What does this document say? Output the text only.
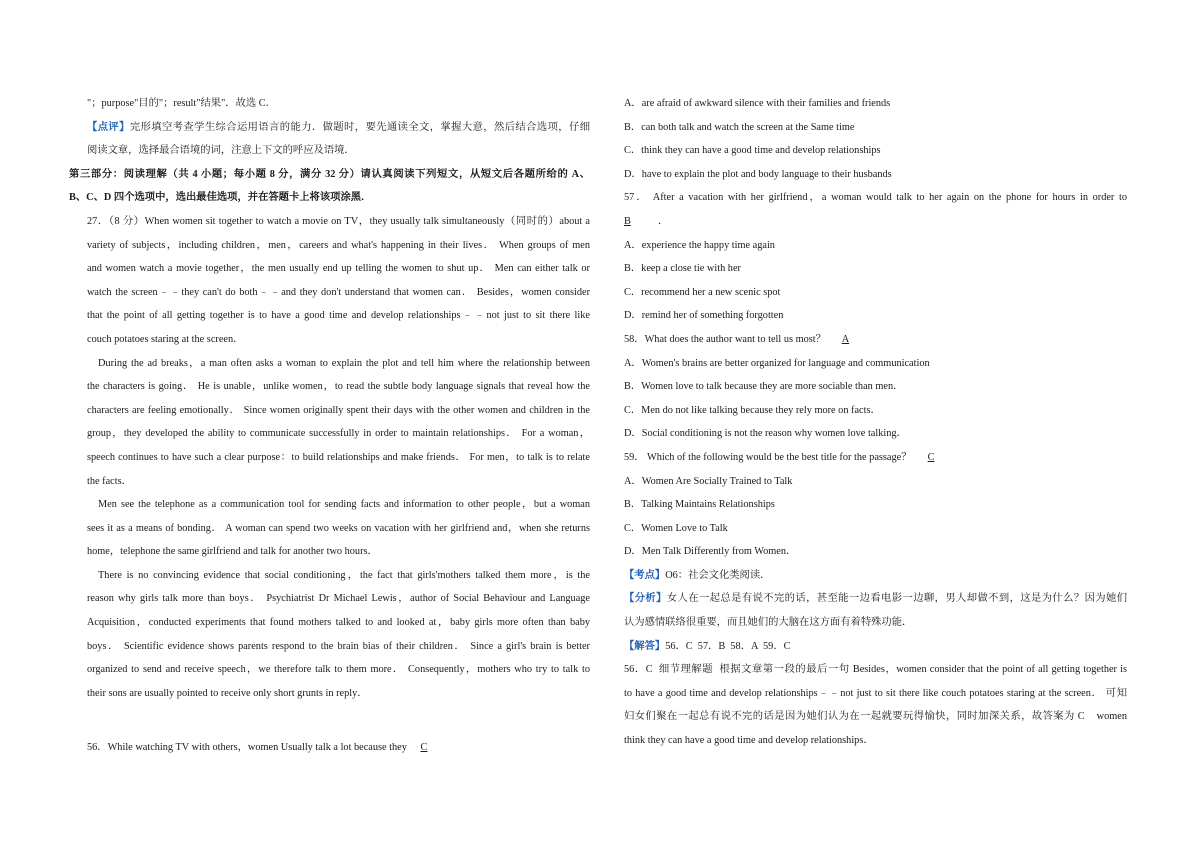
"；purpose"目的"；result"结果"．故选 C．
【点评】完形填空考查学生综合运用语言的能力．做题时，要先通读全文，掌握大意，然后结合选项，仔细
阅读文章，选择最合语境的词，注意上下文的呼应及语境．
第三部分：阅读理解（共 4 小题；每小题 8 分，满分 32 分）请认真阅读下列短文，从短文后各题所给的 A、
B、C、D 四个选项中，选出最佳选项，并在答题卡上将该项涂黑．
27．（8 分）When women sit together to watch a movie on TV，they usually talk simultaneously（同时的）about a
variety of subjects，including children，men，careers and what's happening in their lives． When groups of men
and women watch a movie together，the men usually end up telling the women to shut up． Men can either talk or
watch the screen﹣﹣they can't do both﹣﹣and they don't understand that women can． Besides，women consider
that the point of all getting together is to have a good time and develop relationships﹣﹣not just to sit there like
couch potatoes staring at the screen．
During the ad breaks，a man often asks a woman to explain the plot and tell him where the relationship between
the characters is going． He is unable，unlike women，to read the subtle body language signals that reveal how the
characters are feeling emotionally． Since women originally spent their days with the other women and children in the
group，they developed the ability to communicate successfully in order to maintain relationships． For a woman，
speech continues to have such a clear purpose：to build relationships and make friends． For men，to talk is to relate
the facts．
Men see the telephone as a communication tool for sending facts and information to other people，but a woman
sees it as a means of bonding． A woman can spend two weeks on vacation with her girlfriend and，when she returns
home，telephone the same girlfriend and talk for another two hours．
There is no convincing evidence that social conditioning，the fact that girls'mothers talked them more，is the
reason why girls talk more than boys． Psychiatrist Dr Michael Lewis，author of Social Behaviour and Language
Acquisition，conducted experiments that found mothers talked to and looked at，baby girls more often than baby
boys． Scientific evidence shows parents respond to the brain bias of their children． Since a girl's brain is better
organized to send and receive speech，we therefore talk to them more． Consequently，mothers who try to talk to
their sons are usually pointed to receive only short grunts in reply．
56．While watching TV with others，women Usually talk a lot because they C
A．are afraid of awkward silence with their families and friends
B．can both talk and watch the screen at the Same time
C．think they can have a good time and develop relationships
D．have to explain the plot and body language to their husbands
57． After a vacation with her girlfriend，a woman would talk to her again on the phone for hours in order to
B	．
A．experience the happy time again
B．keep a close tie with her
C．recommend her a new scenic spot
D．remind her of something forgotten
58．What does the author want to tell us most？ A
A．Women's brains are better organized for language and communication
B．Women love to talk because they are more sociable than men．
C．Men do not like talking because they rely more on facts．
D．Social conditioning is not the reason why women love talking．
59． Which of the following would be the best title for the passage？ C
A．Women Are Socially Trained to Talk
B．Talking Maintains Relationships
C．Women Love to Talk
D．Men Talk Differently from Women．
【考点】O6：社会文化类阅读．
【分析】女人在一起总是有说不完的话，甚至能一边看电影一边聊，男人却做不到，这是为什么？因为她们
认为感情联络很重要，而且她们的大脑在这方面有着特殊功能．
【解答】56．C  57．B  58．A  59．C
56．C  细节理解题  根据文章第一段的最后一句 Besides，women consider that the point of all getting together is
to have a good time and develop relationships﹣﹣not just to sit there like couch potatoes staring at the screen． 可知
妇女们聚在一起总有说不完的话是因为她们认为在一起就要玩得愉快，同时加深关系，故答案为 C    women
think they can have a good time and develop relationships．
